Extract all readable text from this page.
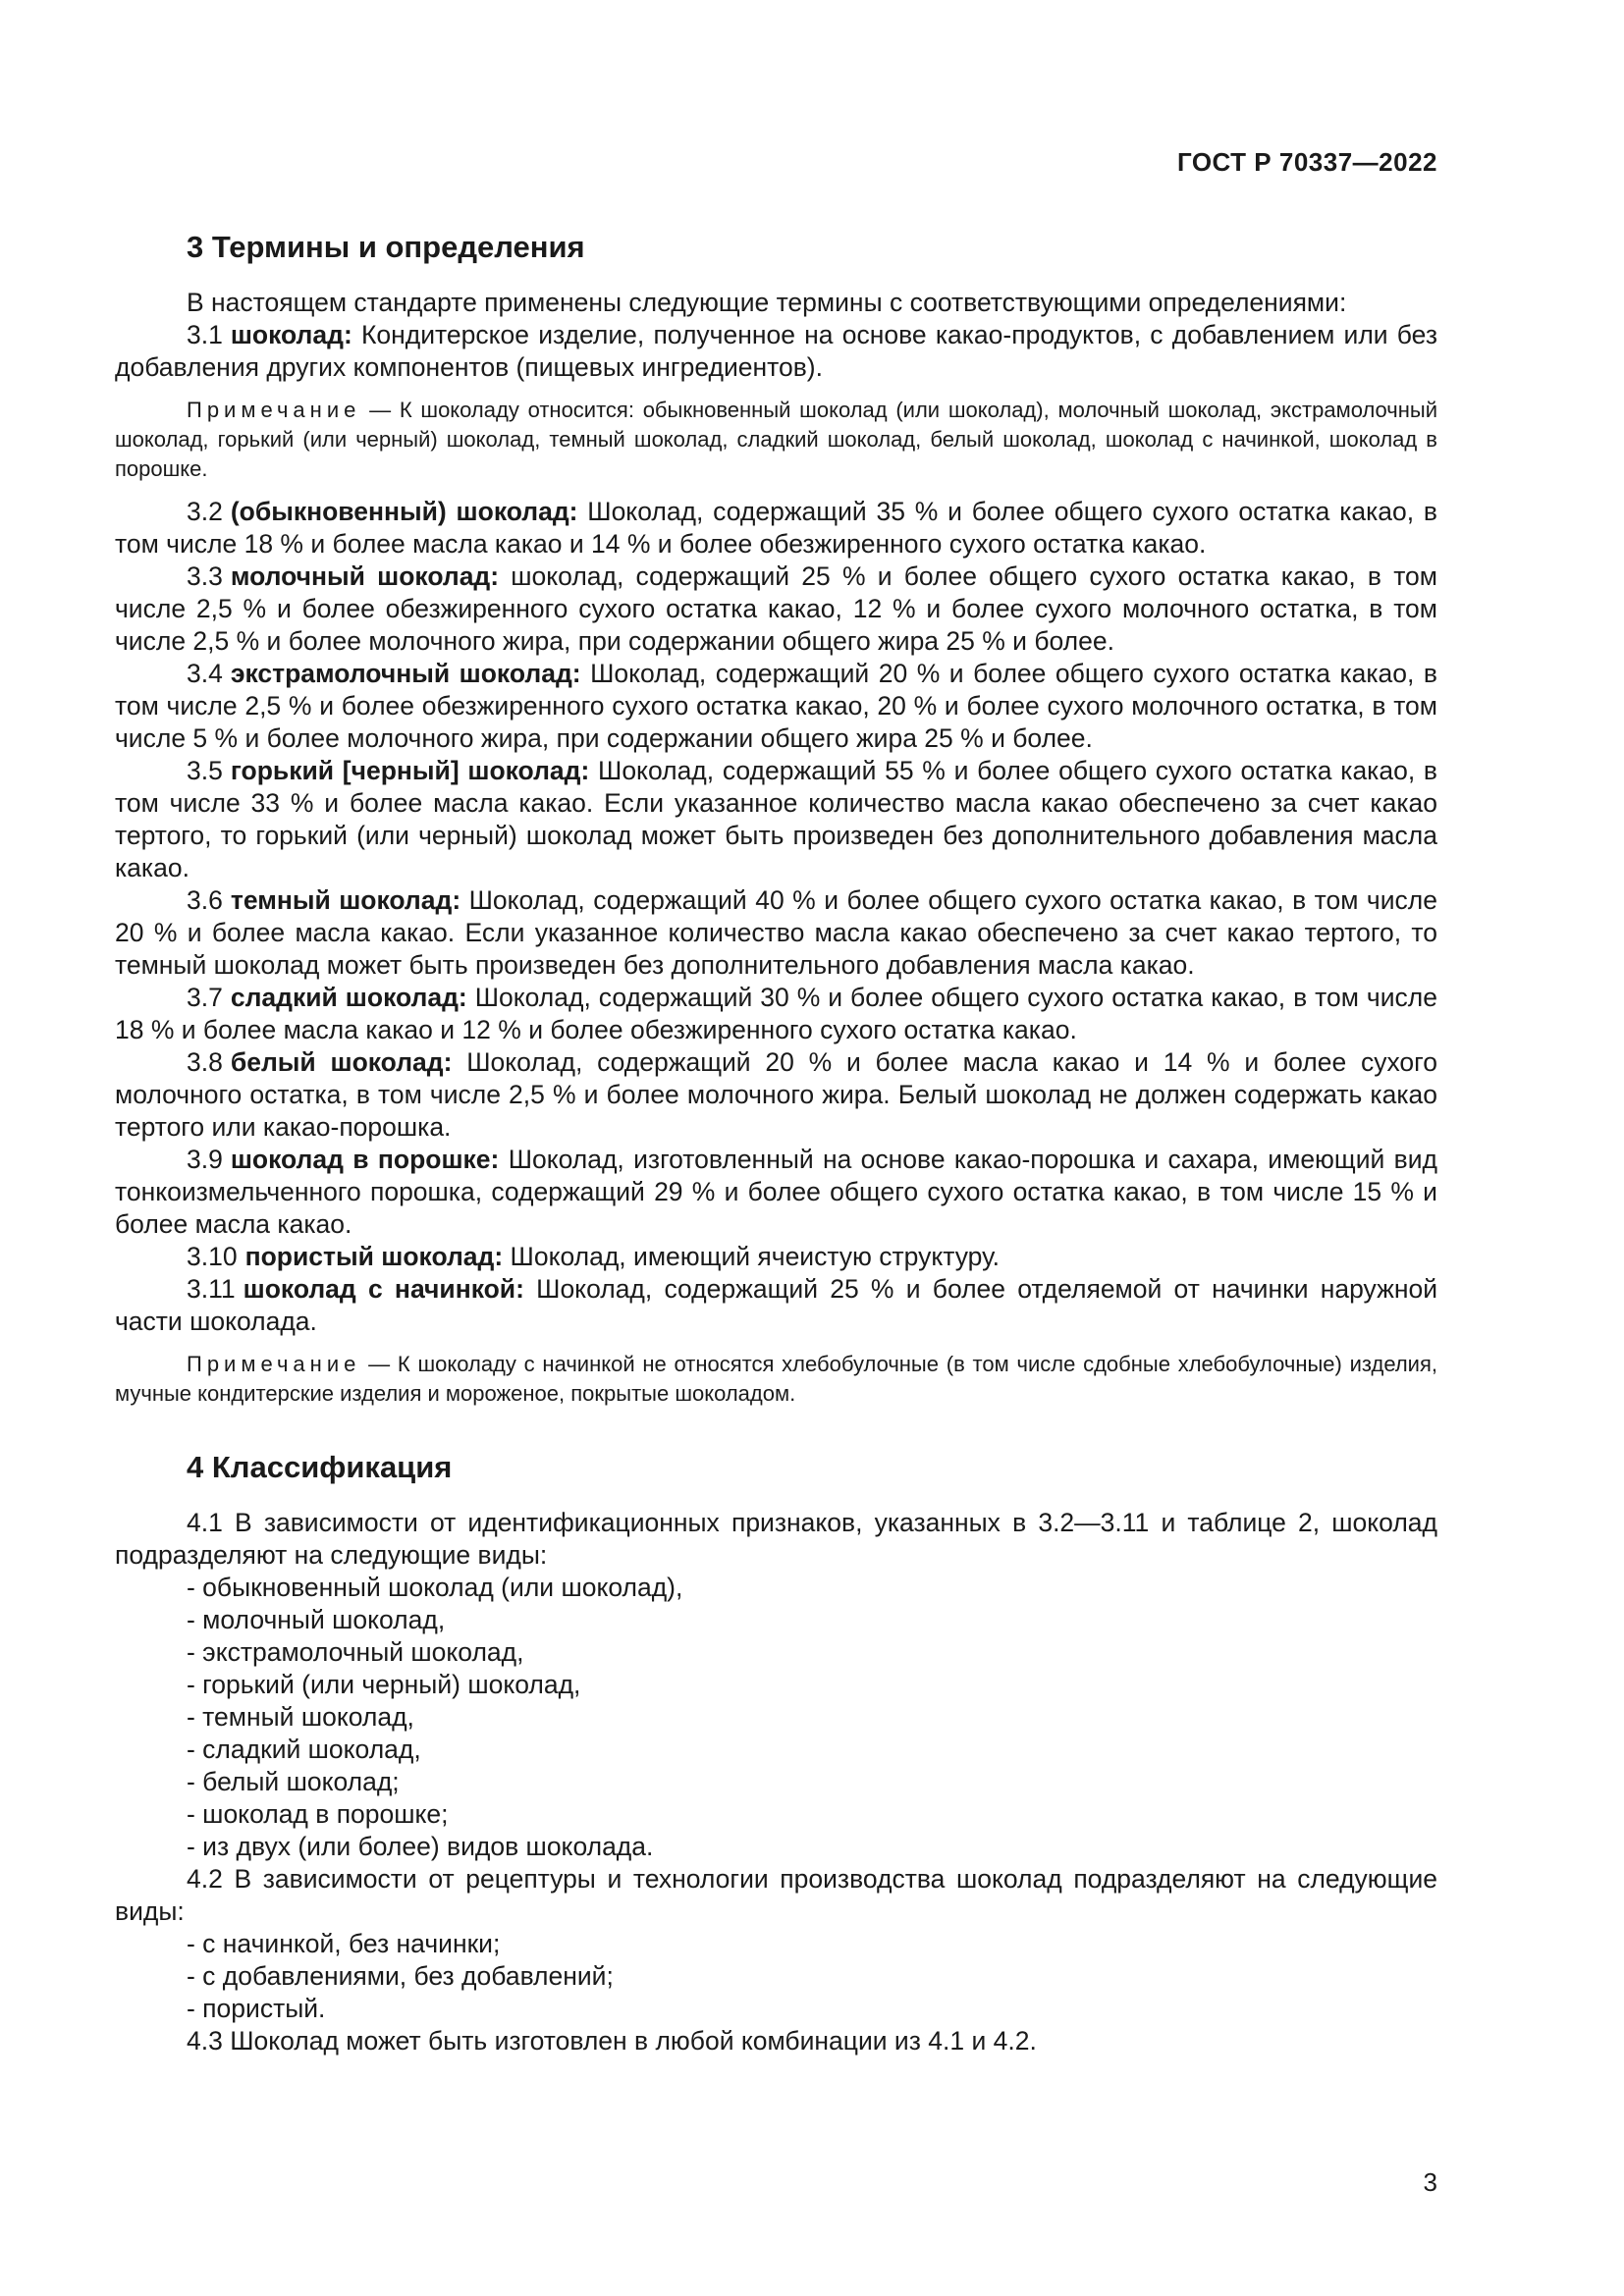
ГОСТ Р 70337—2022
3 Термины и определения

В настоящем стандарте применены следующие термины с соответствующими определениями:

3.1 шоколад: Кондитерское изделие, полученное на основе какао-продуктов, с добавлением или без добавления других компонентов (пищевых ингредиентов).

Примечание — К шоколаду относится: обыкновенный шоколад (или шоколад), молочный шоколад, экстрамолочный шоколад, горький (или черный) шоколад, темный шоколад, сладкий шоколад, белый шоколад, шоколад с начинкой, шоколад в порошке.

3.2 (обыкновенный) шоколад: Шоколад, содержащий 35 % и более общего сухого остатка какао, в том числе 18 % и более масла какао и 14 % и более обезжиренного сухого остатка какао.

3.3 молочный шоколад: шоколад, содержащий 25 % и более общего сухого остатка какао, в том числе 2,5 % и более обезжиренного сухого остатка какао, 12 % и более сухого молочного остатка, в том числе 2,5 % и более молочного жира, при содержании общего жира 25 % и более.

3.4 экстрамолочный шоколад: Шоколад, содержащий 20 % и более общего сухого остатка какао, в том числе 2,5 % и более обезжиренного сухого остатка какао, 20 % и более сухого молочного остатка, в том числе 5 % и более молочного жира, при содержании общего жира 25 % и более.

3.5 горький [черный] шоколад: Шоколад, содержащий 55 % и более общего сухого остатка какао, в том числе 33 % и более масла какао. Если указанное количество масла какао обеспечено за счет какао тертого, то горький (или черный) шоколад может быть произведен без дополнительного добавления масла какао.

3.6 темный шоколад: Шоколад, содержащий 40 % и более общего сухого остатка какао, в том числе 20 % и более масла какао. Если указанное количество масла какао обеспечено за счет какао тертого, то темный шоколад может быть произведен без дополнительного добавления масла какао.

3.7 сладкий шоколад: Шоколад, содержащий 30 % и более общего сухого остатка какао, в том числе 18 % и более масла какао и 12 % и более обезжиренного сухого остатка какао.

3.8 белый шоколад: Шоколад, содержащий 20 % и более масла какао и 14 % и более сухого молочного остатка, в том числе 2,5 % и более молочного жира. Белый шоколад не должен содержать какао тертого или какао-порошка.

3.9 шоколад в порошке: Шоколад, изготовленный на основе какао-порошка и сахара, имеющий вид тонкоизмельченного порошка, содержащий 29 % и более общего сухого остатка какао, в том числе 15 % и более масла какао.

3.10 пористый шоколад: Шоколад, имеющий ячеистую структуру.

3.11 шоколад с начинкой: Шоколад, содержащий 25 % и более отделяемой от начинки наружной части шоколада.

Примечание — К шоколаду с начинкой не относятся хлебобулочные (в том числе сдобные хлебобулочные) изделия, мучные кондитерские изделия и мороженое, покрытые шоколадом.

4 Классификация

4.1 В зависимости от идентификационных признаков, указанных в 3.2—3.11 и таблице 2, шоколад подразделяют на следующие виды:

- обыкновенный шоколад (или шоколад),

- молочный шоколад,

- экстрамолочный шоколад,

- горький (или черный) шоколад,

- темный шоколад,

- сладкий шоколад,

- белый шоколад;

- шоколад в порошке;

- из двух (или более) видов шоколада.

4.2 В зависимости от рецептуры и технологии производства шоколад подразделяют на следующие виды:

- с начинкой, без начинки;

- с добавлениями, без добавлений;

- пористый.

4.3 Шоколад может быть изготовлен в любой комбинации из 4.1 и 4.2.

3
